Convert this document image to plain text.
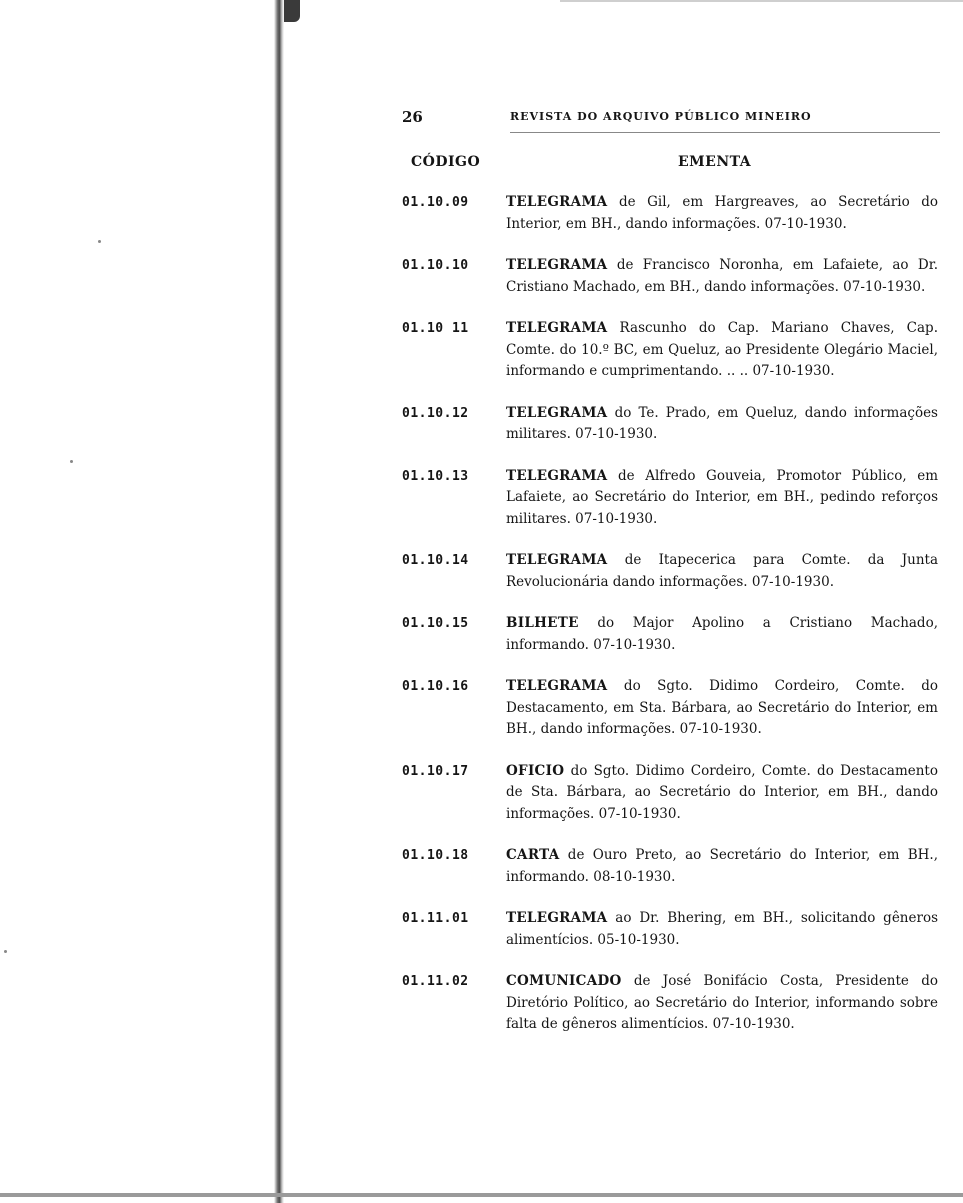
26	REVISTA DO ARQUIVO PÚBLICO MINEIRO
CÓDIGO	EMENTA
01.10.09	TELEGRAMA de Gil, em Hargreaves, ao Secretário do Interior, em BH., dando informações. 07-10-1930.
01.10.10	TELEGRAMA de Francisco Noronha, em Lafaiete, ao Dr. Cristiano Machado, em BH., dando informações. 07-10-1930.
01.10 11	TELEGRAMA Rascunho do Cap. Mariano Chaves, Cap. Comte. do 10.º BC, em Queluz, ao Presidente Olegário Maciel, informando e cumprimentando. .. .. 07-10-1930.
01.10.12	TELEGRAMA do Te. Prado, em Queluz, dando informações militares. 07-10-1930.
01.10.13	TELEGRAMA de Alfredo Gouveia, Promotor Público, em Lafaiete, ao Secretário do Interior, em BH., pedindo reforços militares. 07-10-1930.
01.10.14	TELEGRAMA de Itapecerica para Comte. da Junta Revolucionária dando informações. 07-10-1930.
01.10.15	BILHETE do Major Apolino a Cristiano Machado, informando. 07-10-1930.
01.10.16	TELEGRAMA do Sgto. Didimo Cordeiro, Comte. do Destacamento, em Sta. Bárbara, ao Secretário do Interior, em BH., dando informações. 07-10-1930.
01.10.17	OFICIO do Sgto. Didimo Cordeiro, Comte. do Destacamento de Sta. Bárbara, ao Secretário do Interior, em BH., dando informações. 07-10-1930.
01.10.18	CARTA de Ouro Preto, ao Secretário do Interior, em BH., informando. 08-10-1930.
01.11.01	TELEGRAMA ao Dr. Bhering, em BH., solicitando gêneros alimentícios. 05-10-1930.
01.11.02	COMUNICADO de José Bonifácio Costa, Presidente do Diretório Político, ao Secretário do Interior, informando sobre falta de gêneros alimentícios. 07-10-1930.
